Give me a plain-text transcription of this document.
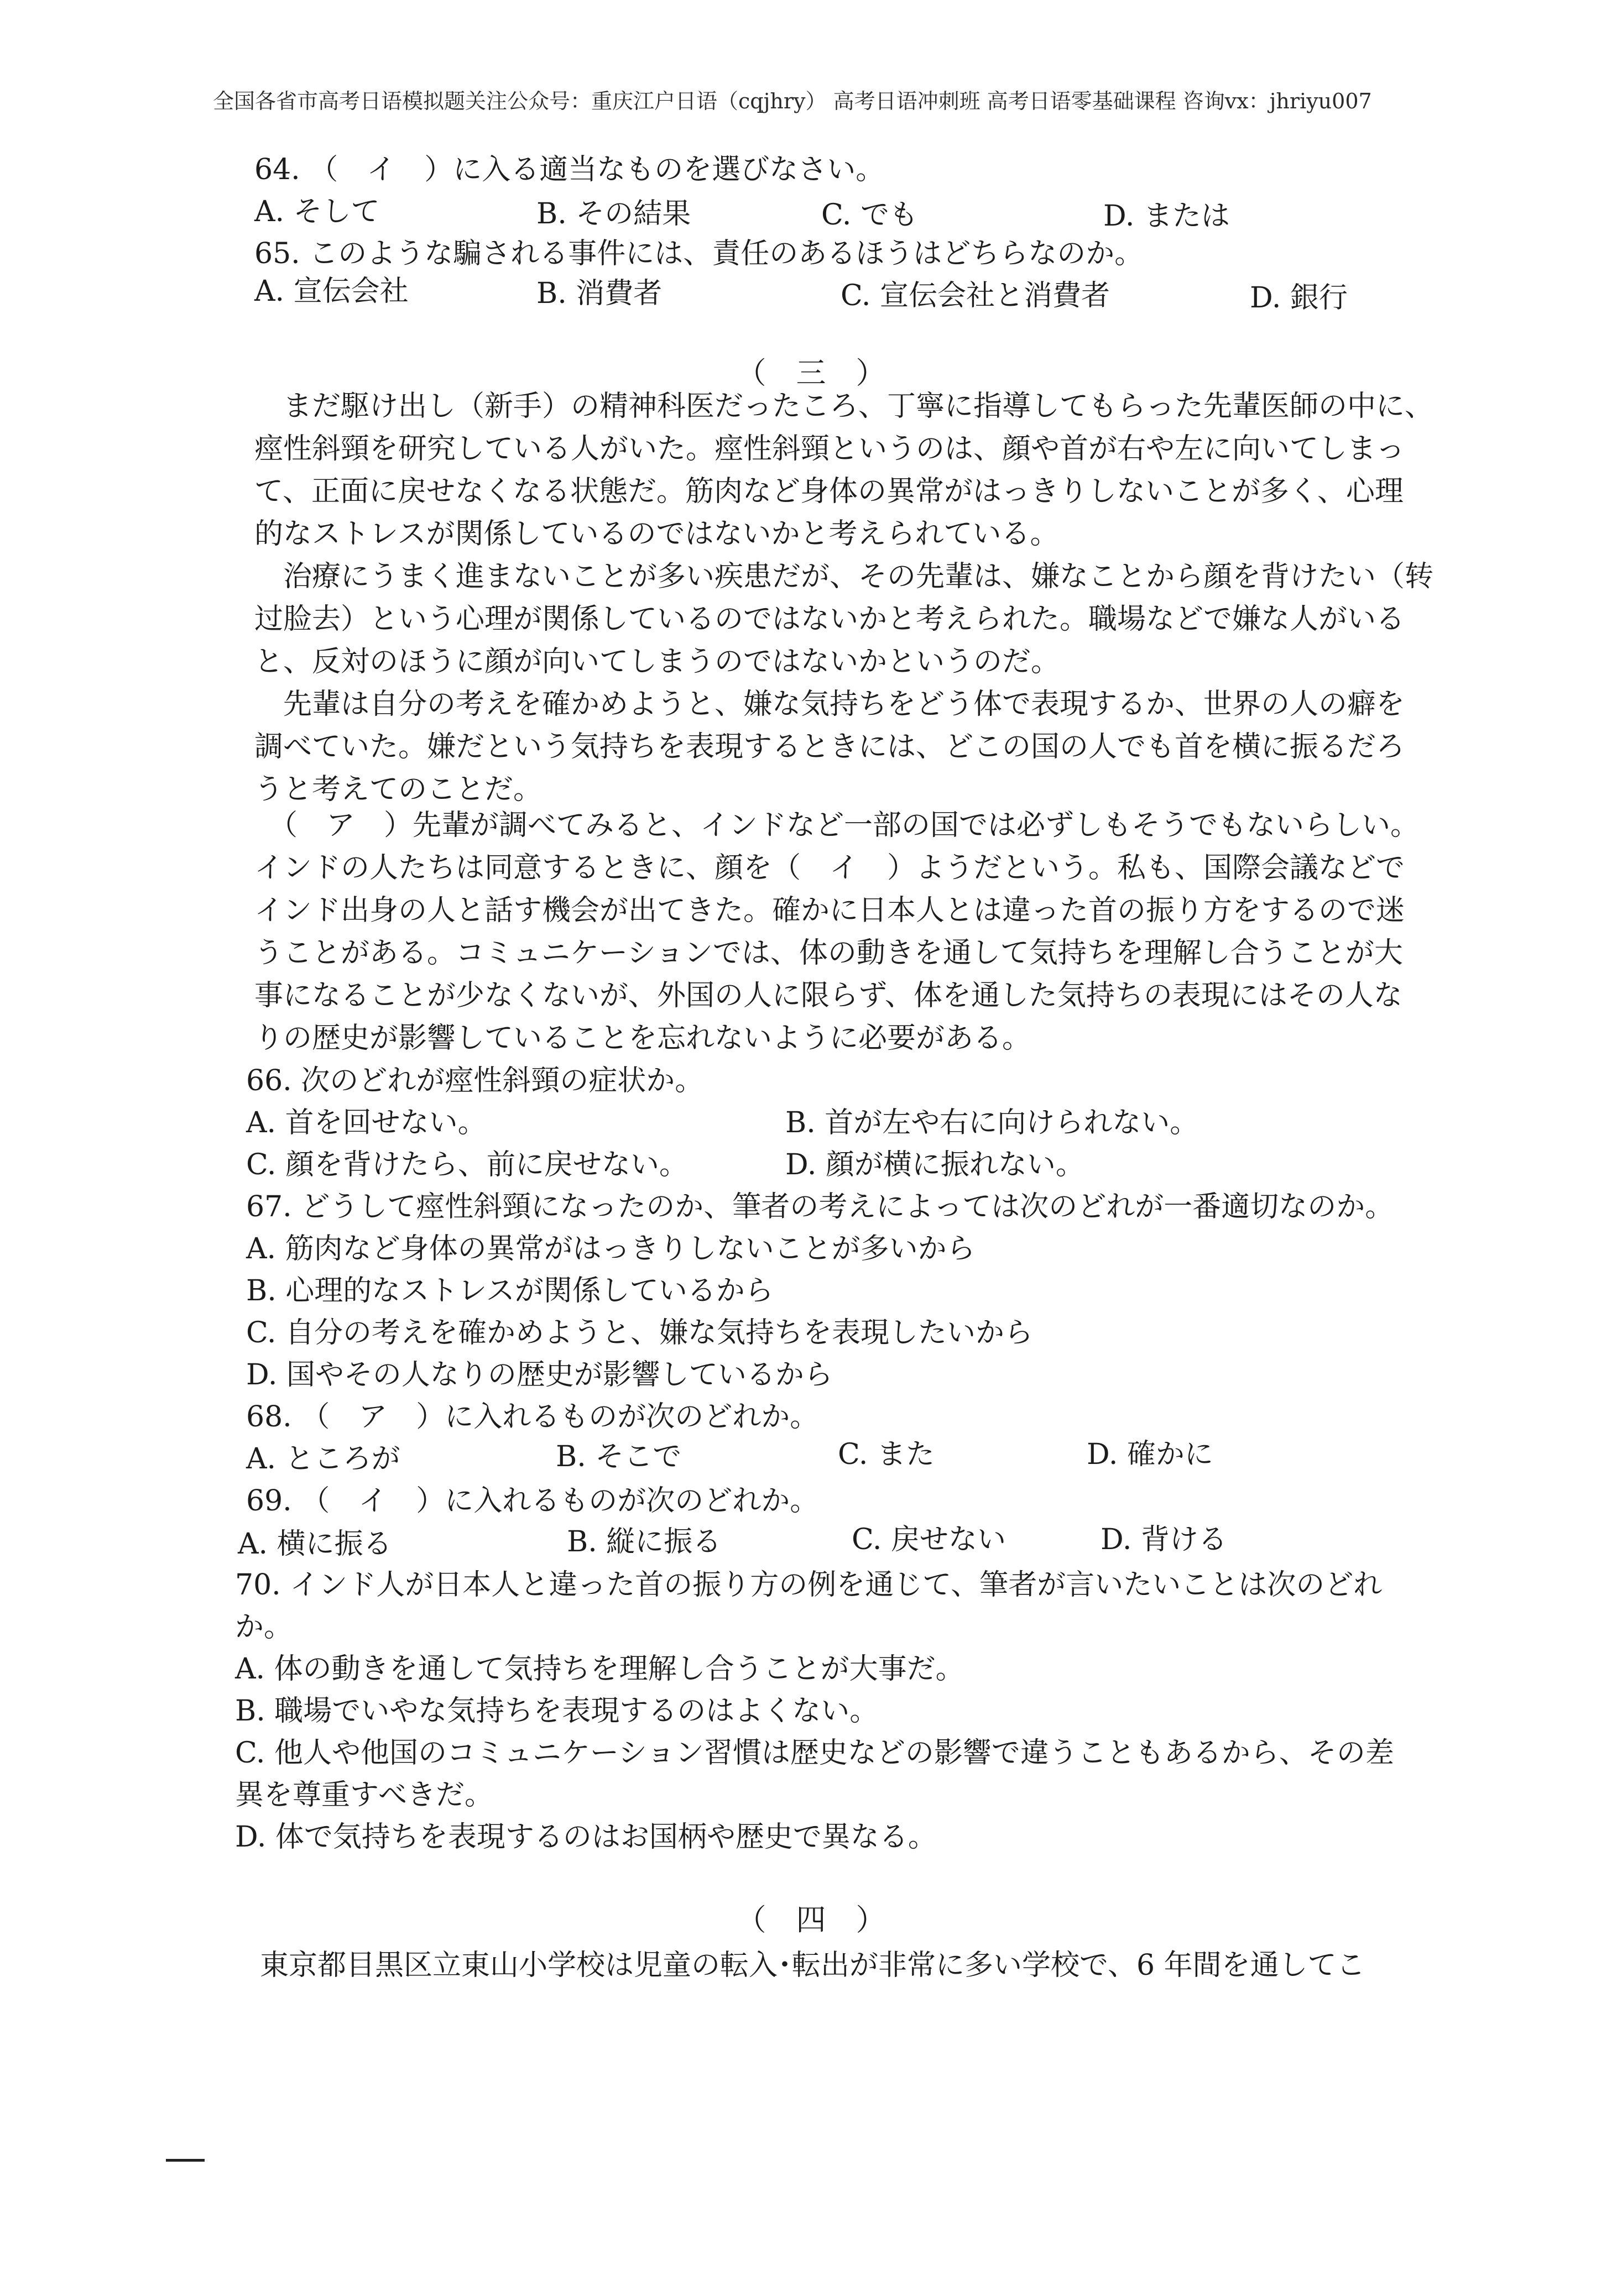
全国各省市高考日语模拟题关注公众号：重庆江户日语（cqjhry） 高考日语冲刺班 高考日语零基础课程 咨询vx：jhriyu007
64. （　イ　）に入る適当なものを選びなさい。
A. そして	B. その結果	C. でも	D. または
65. このような騙される事件には、責任のあるほうはどちらなのか。
A. 宣伝会社	B. 消費者	C. 宣伝会社と消費者	D. 銀行
（　三　）
　まだ駆け出し（新手）の精神科医だったころ、丁寧に指導してもらった先輩医師の中に、
痙性斜頸を研究している人がいた。痙性斜頸というのは、顔や首が右や左に向いてしまっ
て、正面に戻せなくなる状態だ。筋肉など身体の異常がはっきりしないことが多く、心理
的なストレスが関係しているのではないかと考えられている。
　治療にうまく進まないことが多い疾患だが、その先輩は、嫌なことから顔を背けたい（转
过脸去）という心理が関係しているのではないかと考えられた。職場などで嫌な人がいる
と、反対のほうに顔が向いてしまうのではないかというのだ。
　先輩は自分の考えを確かめようと、嫌な気持ちをどう体で表現するか、世界の人の癖を
調べていた。嫌だという気持ちを表現するときには、どこの国の人でも首を横に振るだろ
うと考えてのことだ。
　（　ア　）先輩が調べてみると、インドなど一部の国では必ずしもそうでもないらしい。
インドの人たちは同意するときに、顔を（　イ　）ようだという。私も、国際会議などで
インド出身の人と話す機会が出てきた。確かに日本人とは違った首の振り方をするので迷
うことがある。コミュニケーションでは、体の動きを通して気持ちを理解し合うことが大
事になることが少なくないが、外国の人に限らず、体を通した気持ちの表現にはその人な
りの歴史が影響していることを忘れないように必要がある。
66. 次のどれが痙性斜頸の症状か。
A. 首を回せない。	B. 首が左や右に向けられない。
C. 顔を背けたら、前に戻せない。	D. 顔が横に振れない。
67. どうして痙性斜頸になったのか、筆者の考えによっては次のどれが一番適切なのか。
A. 筋肉など身体の異常がはっきりしないことが多いから
B. 心理的なストレスが関係しているから
C. 自分の考えを確かめようと、嫌な気持ちを表現したいから
D. 国やその人なりの歴史が影響しているから
68. （　ア　）に入れるものが次のどれか。
A. ところが	B. そこで	C. また	D. 確かに
69. （　イ　）に入れるものが次のどれか。
A. 横に振る	B. 縦に振る	C. 戻せない	D. 背ける
70. インド人が日本人と違った首の振り方の例を通じて、筆者が言いたいことは次のどれ
か。
A. 体の動きを通して気持ちを理解し合うことが大事だ。
B. 職場でいやな気持ちを表現するのはよくない。
C. 他人や他国のコミュニケーション習慣は歴史などの影響で違うこともあるから、その差
異を尊重すべきだ。
D. 体で気持ちを表現するのはお国柄や歴史で異なる。
（　四　）
東京都目黒区立東山小学校は児童の転入･転出が非常に多い学校で、6 年間を通してこ
